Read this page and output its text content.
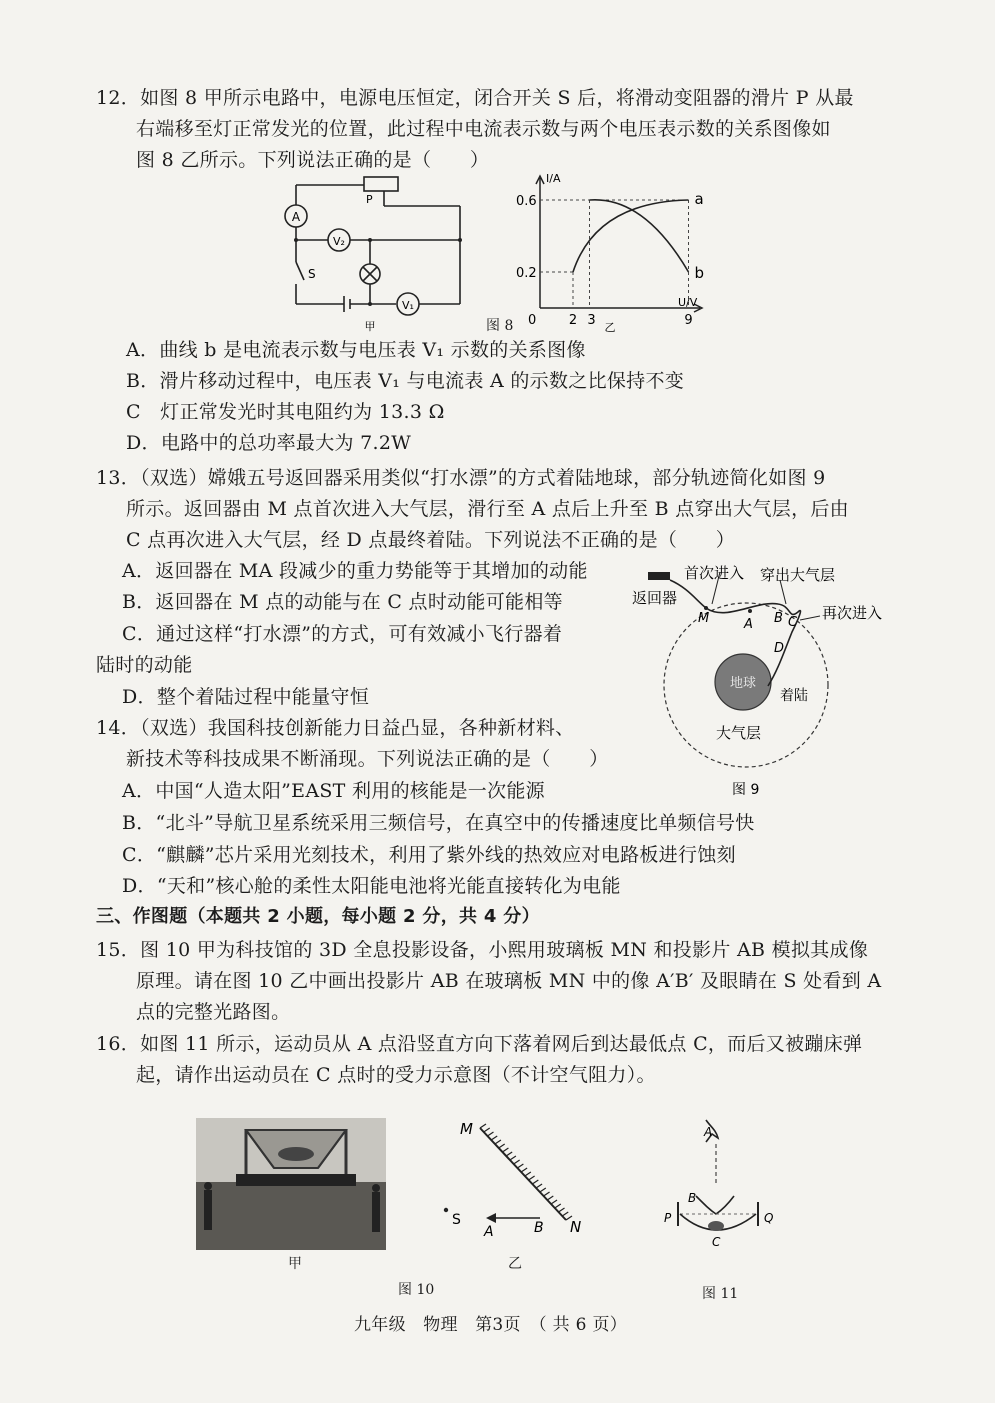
12．如图 8 甲所示电路中，电源电压恒定，闭合开关 S 后，将滑动变阻器的滑片 P 从最
右端移至灯正常发光的位置，此过程中电流表示数与两个电压表示数的关系图像如
图 8 乙所示。下列说法正确的是（　　）
A
V₂
V₁
S
P
甲
I/A
U/V
0.6
0.2
0	2 3	9
a
b
乙
图 8
A．曲线 b 是电流表示数与电压表 V₁ 示数的关系图像
B．滑片移动过程中，电压表 V₁ 与电流表 A 的示数之比保持不变
C　灯正常发光时其电阻约为 13.3 Ω
D．电路中的总功率最大为 7.2W
13．（双选）嫦娥五号返回器采用类似“打水漂”的方式着陆地球，部分轨迹简化如图 9
所示。返回器由 M 点首次进入大气层，滑行至 A 点后上升至 B 点穿出大气层，后由
C 点再次进入大气层，经 D 点最终着陆。下列说法不正确的是（　　）
A．返回器在 MA 段减少的重力势能等于其增加的动能
B．返回器在 M 点的动能与在 C 点时动能可能相等
C．通过这样“打水漂”的方式，可有效减小飞行器着
陆时的动能
D．整个着陆过程中能量守恒
首次进入 穿出大气层
再次进入
返回器
地球
着陆
大气层
M	A B C
D
图 9
14．（双选）我国科技创新能力日益凸显，各种新材料、
新技术等科技成果不断涌现。下列说法正确的是（　　）
A．中国“人造太阳”EAST 利用的核能是一次能源
B．“北斗”导航卫星系统采用三频信号，在真空中的传播速度比单频信号快
C．“麒麟”芯片采用光刻技术，利用了紫外线的热效应对电路板进行蚀刻
D．“天和”核心舱的柔性太阳能电池将光能直接转化为电能
三、作图题（本题共 2 小题，每小题 2 分，共 4 分）
15．图 10 甲为科技馆的 3D 全息投影设备，小熙用玻璃板 MN 和投影片 AB 模拟其成像
原理。请在图 10 乙中画出投影片 AB 在玻璃板 MN 中的像 A′B′ 及眼睛在 S 处看到 A
点的完整光路图。
16．如图 11 所示，运动员从 A 点沿竖直方向下落着网后到达最低点 C，而后又被蹦床弹
起，请作出运动员在 C 点时的受力示意图（不计空气阻力）。
甲
M
N
A	B
S
乙
图 10
A
B
C
P	Q
图 11
九年级　物理　第3页　（ 共 6 页）
